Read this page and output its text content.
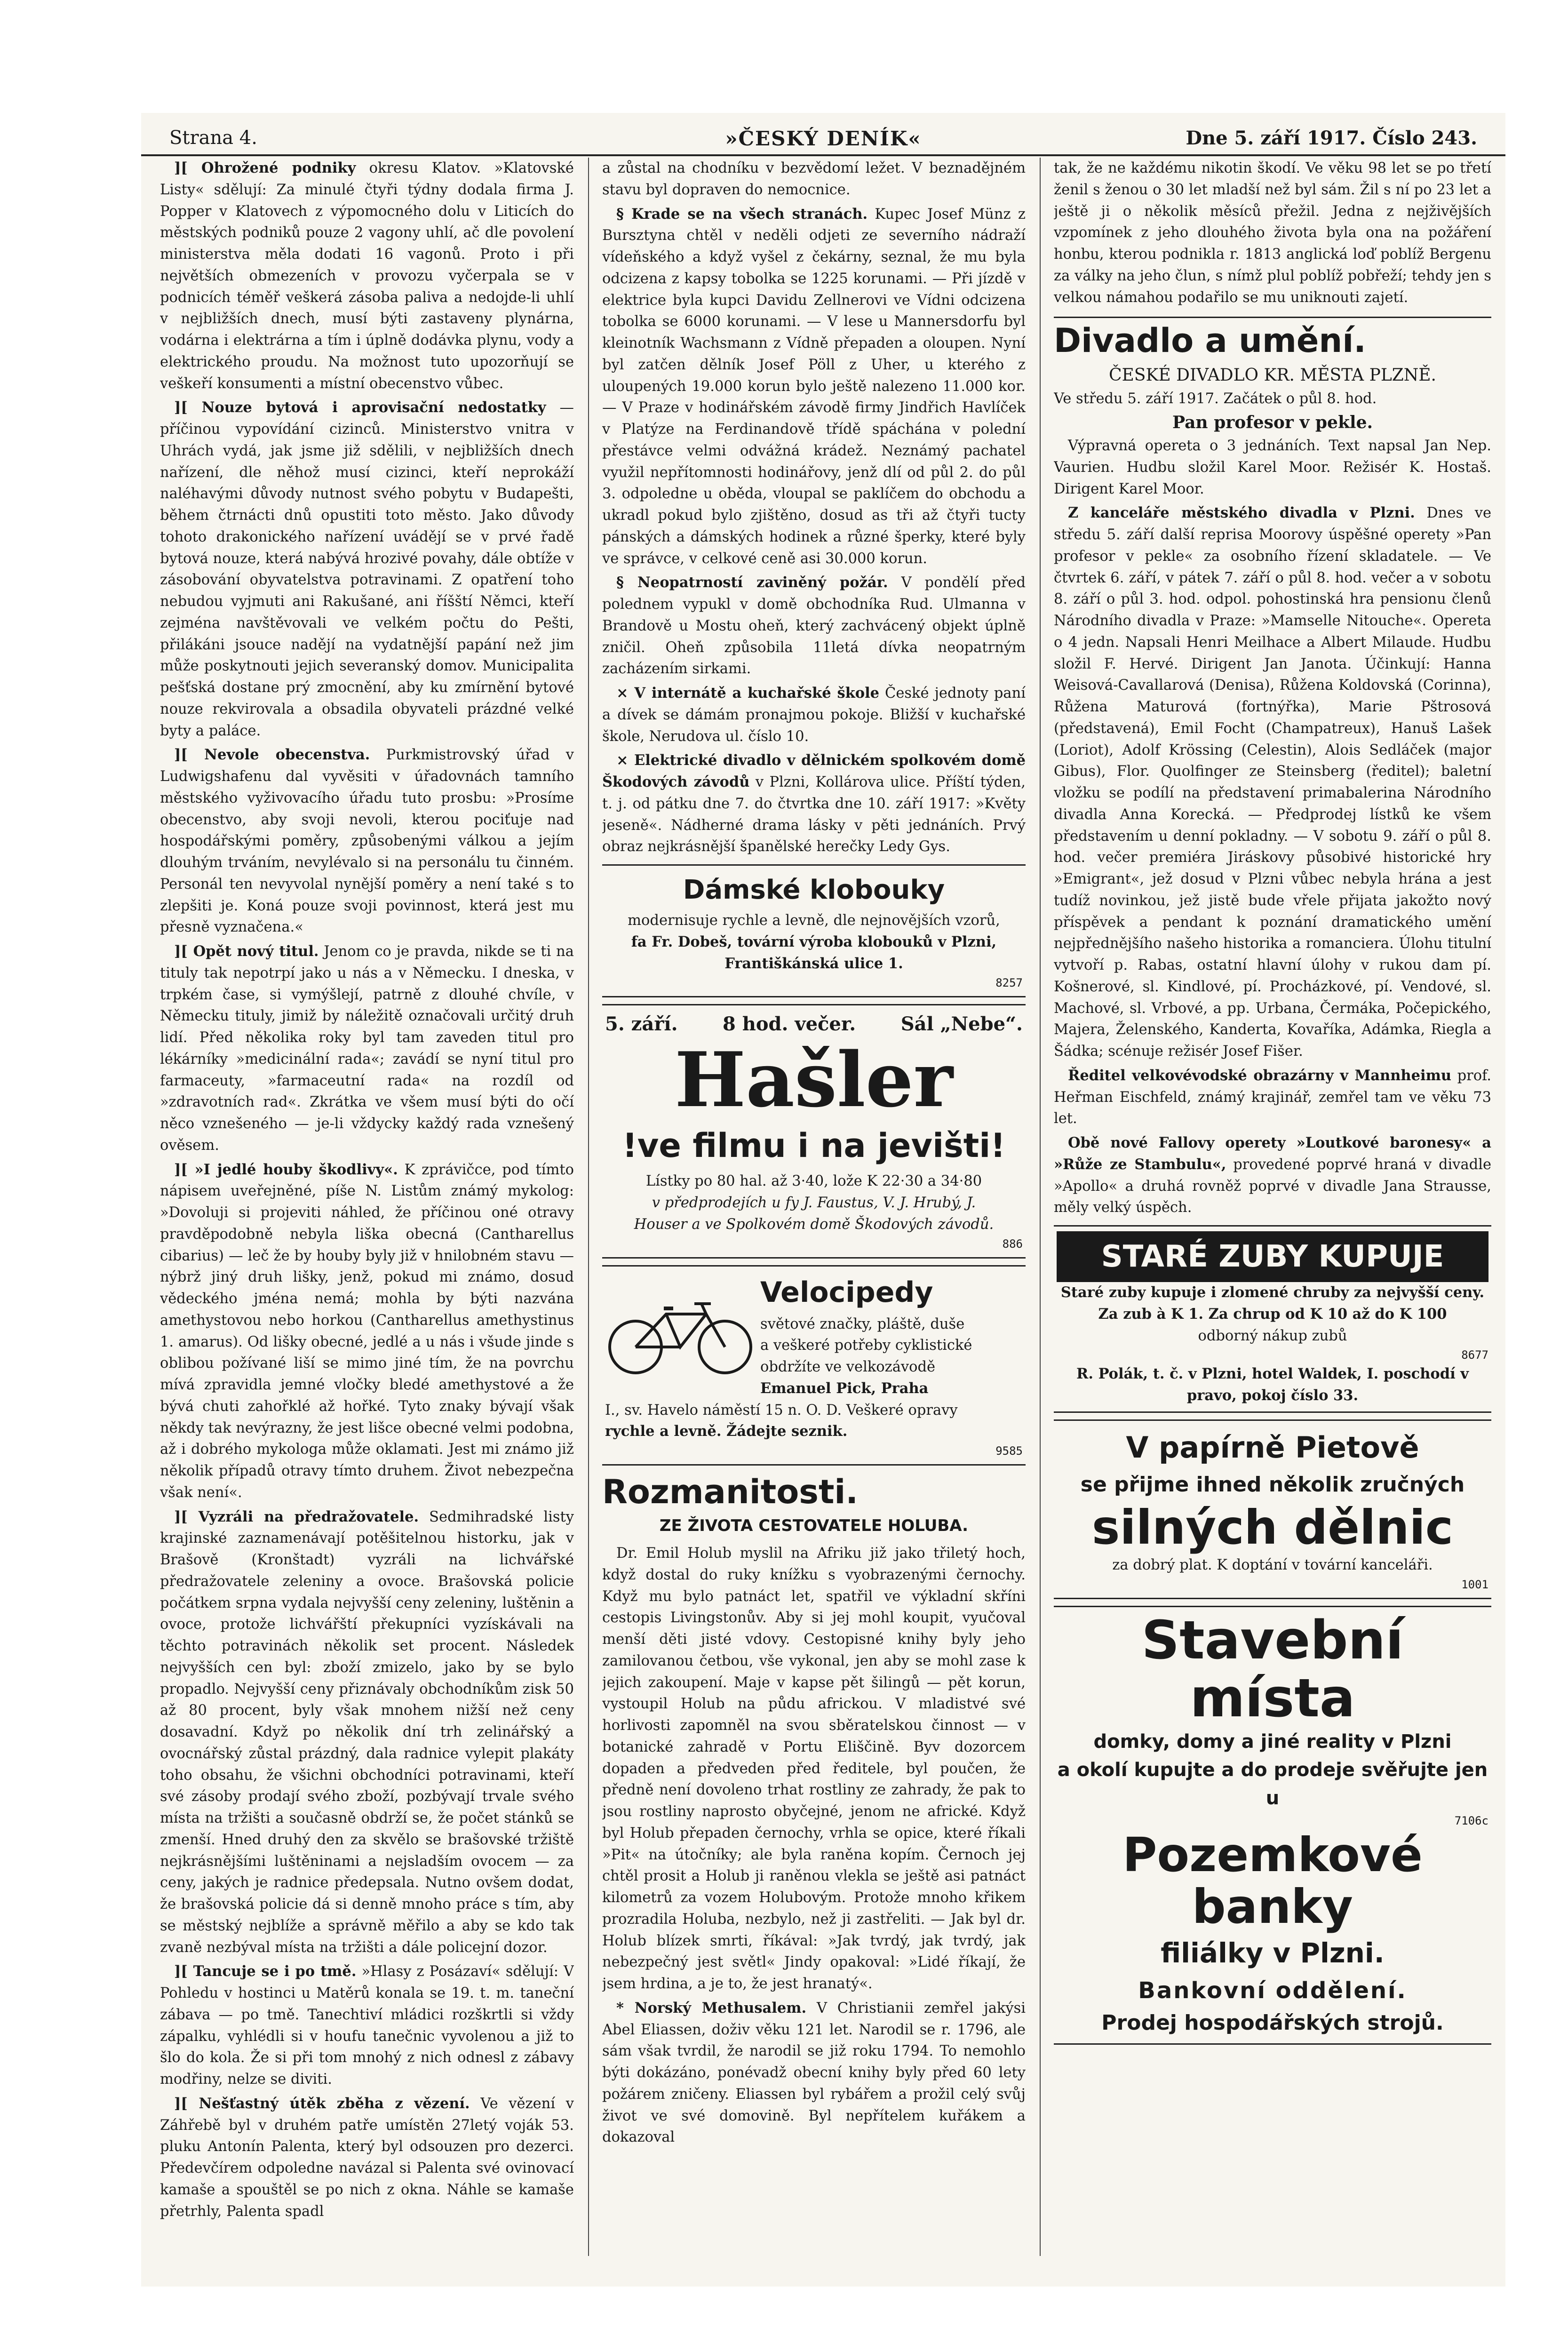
Strana 4.	»ČESKÝ DENÍK«	Dne 5. září 1917. Číslo 243.

][ Ohrožené podniky okresu Klatov. »Klatovské Listy« sdělují: Za minulé čtyři týdny dodala firma J. Popper v Klatovech z výpomocného dolu v Liticích do městských podniků pouze 2 vagony uhlí, ač dle povolení ministerstva měla dodati 16 vagonů. Proto i při největších obmezeních v provozu vyčerpala se v podnicích téměř veškerá zásoba paliva a nedojde-li uhlí v nejbližších dnech, musí býti zastaveny plynárna, vodárna i elektrárna a tím i úplně dodávka plynu, vody a elektrického proudu. Na možnost tuto upozorňují se veškeří konsumenti a místní obecenstvo vůbec.

][ Nouze bytová i aprovisační nedostatky — příčinou vypovídání cizinců. Ministerstvo vnitra v Uhrách vydá, jak jsme již sdělili, v nejbližších dnech nařízení, dle něhož musí cizinci, kteří neprokáží naléhavými důvody nutnost svého pobytu v Budapešti, během čtrnácti dnů opustiti toto město. Jako důvody tohoto drakonického nařízení uvádějí se v prvé řadě bytová nouze, která nabývá hrozivé povahy, dále obtíže v zásobování obyvatelstva potravinami. Z opatření toho nebudou vyjmuti ani Rakušané, ani říšští Němci, kteří zejména navštěvovali ve velkém počtu do Pešti, přilákáni jsouce nadějí na vydatnější papání než jim může poskytnouti jejich severanský domov. Municipalita pešťská dostane prý zmocnění, aby ku zmírnění bytové nouze rekvirovala a obsadila obyvateli prázdné velké byty a paláce.

][ Nevole obecenstva. Purkmistrovský úřad v Ludwigshafenu dal vyvěsiti v úřadovnách tamního městského vyživovacího úřadu tuto prosbu: »Prosíme obecenstvo, aby svoji nevoli, kterou pociťuje nad hospodářskými poměry, způsobenými válkou a jejím dlouhým trváním, nevylévalo si na personálu tu činném. Personál ten nevyvolal nynější poměry a není také s to zlepšiti je. Koná pouze svoji povinnost, která jest mu přesně vyznačena.«

][ Opět nový titul. Jenom co je pravda, nikde se ti na tituly tak nepotrpí jako u nás a v Německu. I dneska, v trpkém čase, si vymýšlejí, patrně z dlouhé chvíle, v Německu tituly, jimiž by náležitě označovali určitý druh lidí. Před několika roky byl tam zaveden titul pro lékárníky »medicinální rada«; zavádí se nyní titul pro farmaceuty, »farmaceutní rada« na rozdíl od »zdravotních rad«. Zkrátka ve všem musí býti do očí něco vznešeného — je-li vždycky každý rada vznešený ověsem.

][ »I jedlé houby škodlivy«. K zprávičce, pod tímto nápisem uveřejněné, píše N. Listům známý mykolog: »Dovoluji si projeviti náhled, že příčinou oné otravy pravděpodobně nebyla liška obecná (Cantharellus cibarius) — leč že by houby byly již v hnilobném stavu — nýbrž jiný druh lišky, jenž, pokud mi známo, dosud vědeckého jména nemá; mohla by býti nazvána amethystovou nebo horkou (Cantharellus amethystinus 1. amarus). Od lišky obecné, jedlé a u nás i všude jinde s oblibou požívané liší se mimo jiné tím, že na povrchu mívá zpravidla jemné vločky bledé amethystové a že bývá chuti zahořklé až hořké. Tyto znaky bývají však někdy tak nevýrazny, že jest lišce obecné velmi podobna, až i dobrého mykologa může oklamati. Jest mi známo již několik případů otravy tímto druhem. Život nebezpečna však není«.

][ Vyzráli na předražovatele. Sedmihradské listy krajinské zaznamenávají potěšitelnou historku, jak v Brašově (Kronštadt) vyzráli na lichvářské předražovatele zeleniny a ovoce. Brašovská policie počátkem srpna vydala nejvyšší ceny zeleniny, luštěnin a ovoce, protože lichvářští překupníci vyzískávali na těchto potravinách několik set procent. Následek nejvyšších cen byl: zboží zmizelo, jako by se bylo propadlo. Nejvyšší ceny přiznávaly obchodníkům zisk 50 až 80 procent, byly však mnohem nižší než ceny dosavadní. Když po několik dní trh zelinářský a ovocnářský zůstal prázdný, dala radnice vylepit plakáty toho obsahu, že všichni obchodníci potravinami, kteří své zásoby prodají svého zboží, pozbývají trvale svého místa na tržišti a současně obdrží se, že počet stánků se zmenší. Hned druhý den za skvělo se brašovské tržiště nejkrásnějšími luštěninami a nejsladším ovocem — za ceny, jakých je radnice předepsala. Nutno ovšem dodat, že brašovská policie dá si denně mnoho práce s tím, aby se městský nejblíže a správně měřilo a aby se kdo tak zvaně nezbýval místa na tržišti a dále policejní dozor.

][ Tancuje se i po tmě. »Hlasy z Posázaví« sdělují: V Pohledu v hostinci u Matěrů konala se 19. t. m. taneční zábava — po tmě. Tanechtiví mládici rozškrtli si vždy zápalku, vyhlédli si v houfu tanečnic vyvolenou a již to šlo do kola. Že si při tom mnohý z nich odnesl z zábavy modřiny, nelze se diviti.

][ Nešťastný útěk zběha z vězení. Ve vězení v Záhřebě byl v druhém patře umístěn 27letý voják 53. pluku Antonín Palenta, který byl odsouzen pro dezerci. Předevčírem odpoledne navázal si Palenta své ovinovací kamaše a spouštěl se po nich z okna. Náhle se kamaše přetrhly, Palenta spadl

a zůstal na chodníku v bezvědomí ležet. V beznadějném stavu byl dopraven do nemocnice.

§ Krade se na všech stranách. Kupec Josef Münz z Bursztyna chtěl v neděli odjeti ze severního nádraží vídeňského a když vyšel z čekárny, seznal, že mu byla odcizena z kapsy tobolka se 1225 korunami. — Při jízdě v elektrice byla kupci Davidu Zellnerovi ve Vídni odcizena tobolka se 6000 korunami. — V lese u Mannersdorfu byl kleinotník Wachsmann z Vídně přepaden a oloupen. Nyní byl zatčen dělník Josef Pöll z Uher, u kterého z uloupených 19.000 korun bylo ještě nalezeno 11.000 kor. — V Praze v hodinářském závodě firmy Jindřich Havlíček v Platýze na Ferdinandově třídě spáchána v polední přestávce velmi odvážná krádež. Neznámý pachatel využil nepřítomnosti hodinářovy, jenž dlí od půl 2. do půl 3. odpoledne u oběda, vloupal se paklíčem do obchodu a ukradl pokud bylo zjištěno, dosud as tři až čtyři tucty pánských a dámských hodinek a různé šperky, které byly ve správce, v celkové ceně asi 30.000 korun.

§ Neopatrností zaviněný požár. V pondělí před polednem vypukl v domě obchodníka Rud. Ulmanna v Brandově u Mostu oheň, který zachvácený objekt úplně zničil. Oheň způsobila 11letá dívka neopatrným zacházením sirkami.

× V internátě a kuchařské škole České jednoty paní a dívek se dámám pronajmou pokoje. Bližší v kuchařské škole, Nerudova ul. číslo 10.

× Elektrické divadlo v dělnickém spolkovém domě Škodových závodů v Plzni, Kollárova ulice. Příští týden, t. j. od pátku dne 7. do čtvrtka dne 10. září 1917: »Květy jeseně«. Nádherné drama lásky v pěti jednáních. Prvý obraz nejkrásnější španělské herečky Ledy Gys.

Dámské klobouky
modernisuje rychle a levně, dle nejnovějších vzorů,
fa Fr. Dobeš, tovární výroba klobouků v Plzni,
Františkánská ulice 1.
8257
5. září. 8 hod. večer. Sál „Nebe“.
Hašler
!ve filmu i na jevišti!
Lístky po 80 hal. až 3·40, lože K 22·30 a 34·80
v předprodejích u fy J. Faustus, V. J. Hrubý, J.
Houser a ve Spolkovém domě Škodových závodů.
886
Velocipedy
světové značky, pláště, duše
a veškeré potřeby cyklistické obdržíte ve velkozávodě
Emanuel Pick, Praha
I., sv. Havelo náměstí 15 n. O. D. Veškeré opravy
rychle a levně. Žádejte seznik.
9585
Rozmanitosti.
ZE ŽIVOTA CESTOVATELE HOLUBA.

Dr. Emil Holub myslil na Afriku již jako třiletý hoch, když dostal do ruky knížku s vyobrazenými černochy. Když mu bylo patnáct let, spatřil ve výkladní skříni cestopis Livingstonův. Aby si jej mohl koupit, vyučoval menší děti jisté vdovy. Cestopisné knihy byly jeho zamilovanou četbou, vše vykonal, jen aby se mohl zase k jejich zakoupení. Maje v kapse pět šilingů — pět korun, vystoupil Holub na půdu africkou. V mladistvé své horlivosti zapomněl na svou sběratelskou činnost — v botanické zahradě v Portu Eliščině. Byv dozorcem dopaden a předveden před ředitele, byl poučen, že předně není dovoleno trhat rostliny ze zahrady, že pak to jsou rostliny naprosto obyčejné, jenom ne africké. Když byl Holub přepaden černochy, vrhla se opice, které říkali »Pit« na útočníky; ale byla raněna kopím. Černoch jej chtěl prosit a Holub ji raněnou vlekla se ještě asi patnáct kilometrů za vozem Holubovým. Protože mnoho křikem prozradila Holuba, nezbylo, než ji zastřeliti. — Jak byl dr. Holub blízek smrti, říkával: »Jak tvrdý, jak tvrdý, jak nebezpečný jest světl« Jindy opakoval: »Lidé říkají, že jsem hrdina, a je to, že jest hranatý«.

* Norský Methusalem. V Christianii zemřel jakýsi Abel Eliassen, doživ věku 121 let. Narodil se r. 1796, ale sám však tvrdil, že narodil se již roku 1794. To nemohlo býti dokázáno, ponévadž obecní knihy byly před 60 lety požárem zničeny. Eliassen byl rybářem a prožil celý svůj život ve své domovině. Byl nepřítelem kuřákem a dokazoval

tak, že ne každému nikotin škodí. Ve věku 98 let se po třetí ženil s ženou o 30 let mladší než byl sám. Žil s ní po 23 let a ještě ji o několik měsíců přežil. Jedna z nejživějších vzpomínek z jeho dlouhého života byla ona na požáření honbu, kterou podnikla r. 1813 anglická loď poblíž Bergenu za války na jeho člun, s nímž plul poblíž pobřeží; tehdy jen s velkou námahou podařilo se mu uniknouti zajetí.

Divadlo a umění.
ČESKÉ DIVADLO KR. MĚSTA PLZNĚ.
Ve středu 5. září 1917. Začátek o půl 8. hod.
Pan profesor v pekle.

Výpravná opereta o 3 jednáních. Text napsal Jan Nep. Vaurien. Hudbu složil Karel Moor. Režisér K. Hostaš. Dirigent Karel Moor.

Z kanceláře městského divadla v Plzni. Dnes ve středu 5. září další reprisa Moorovy úspěšné operety »Pan profesor v pekle« za osobního řízení skladatele. — Ve čtvrtek 6. září, v pátek 7. září o půl 8. hod. večer a v sobotu 8. září o půl 3. hod. odpol. pohostinská hra pensionu členů Národního divadla v Praze: »Mamselle Nitouche«. Opereta o 4 jedn. Napsali Henri Meilhace a Albert Milaude. Hudbu složil F. Hervé. Dirigent Jan Janota. Účinkují: Hanna Weisová-Cavallarová (Denisa), Růžena Koldovská (Corinna), Růžena Maturová (fortnýřka), Marie Pštrosová (představená), Emil Focht (Champatreux), Hanuš Lašek (Loriot), Adolf Krössing (Celestin), Alois Sedláček (major Gibus), Flor. Quolfinger ze Steinsberg (ředitel); baletní vložku se podílí na představení primabalerina Národního divadla Anna Korecká. — Předprodej lístků ke všem představením u denní pokladny. — V sobotu 9. září o půl 8. hod. večer premiéra Jiráskovy působivé historické hry »Emigrant«, jež dosud v Plzni vůbec nebyla hrána a jest tudíž novinkou, jež jistě bude vřele přijata jakožto nový příspěvek a pendant k poznání dramatického umění nejpřednějšího našeho historika a romanciera. Úlohu titulní vytvoří p. Rabas, ostatní hlavní úlohy v rukou dam pí. Košnerové, sl. Kindlové, pí. Procházkové, pí. Vendové, sl. Machové, sl. Vrbové, a pp. Urbana, Čermáka, Počepického, Majera, Želenského, Kanderta, Kovaříka, Adámka, Riegla a Šádka; scénuje režisér Josef Fišer.

Ředitel velkovévodské obrazárny v Mannheimu prof. Heřman Eischfeld, známý krajinář, zemřel tam ve věku 73 let.

Obě nové Fallovy operety »Loutkové baronesy« a »Růže ze Stambulu«, provedené poprvé hraná v divadle »Apollo« a druhá rovněž poprvé v divadle Jana Strausse, měly velký úspěch.

STARÉ ZUBY KUPUJE
Staré zuby kupuje i zlomené chruby za nejvyšší ceny. Za zub à K 1. Za chrup od K 10 až do K 100
odborný nákup zubů
8677
R. Polák, t. č. v Plzni, hotel Waldek, I. poschodí v pravo, pokoj číslo 33.
V papírně Pietově
se přijme ihned několik zručných
silných dělnic
za dobrý plat. K doptání v tovární kanceláři.
1001
Stavební místa
domky, domy a jiné reality v Plzni
a okolí kupujte a do prodeje svěřujte jen u
7106c
Pozemkové banky
filiálky v Plzni.
Bankovní oddělení.
Prodej hospodářských strojů.
